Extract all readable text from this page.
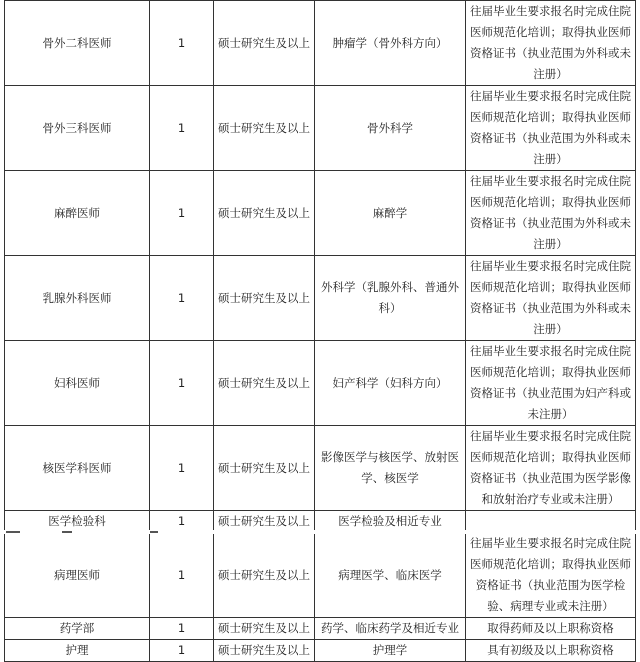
骨外二科医师	1	硕士研究生及以上	肿瘤学（骨外科方向）	往届毕业生要求报名时完成住院医师规范化培训；取得执业医师资格证书（执业范围为外科或未注册）
骨外三科医师	1	硕士研究生及以上	骨外科学	往届毕业生要求报名时完成住院医师规范化培训；取得执业医师资格证书（执业范围为外科或未注册）
麻醉医师	1	硕士研究生及以上	麻醉学	往届毕业生要求报名时完成住院医师规范化培训；取得执业医师资格证书（执业范围为外科或未注册）
乳腺外科医师	1	硕士研究生及以上	外科学（乳腺外科、普通外科）	往届毕业生要求报名时完成住院医师规范化培训；取得执业医师资格证书（执业范围为外科或未注册）
妇科医师	1	硕士研究生及以上	妇产科学（妇科方向）	往届毕业生要求报名时完成住院医师规范化培训；取得执业医师资格证书（执业范围为妇产科或未注册）
核医学科医师	1	硕士研究生及以上	影像医学与核医学、放射医学、核医学	往届毕业生要求报名时完成住院医师规范化培训；取得执业医师资格证书（执业范围为医学影像和放射治疗专业或未注册）
医学检验科	1	硕士研究生及以上	医学检验及相近专业	
病理医师	1	硕士研究生及以上	病理医学、临床医学	往届毕业生要求报名时完成住院医师规范化培训；取得执业医师资格证书（执业范围为医学检验、病理专业或未注册）
药学部	1	硕士研究生及以上	药学、临床药学及相近专业	取得药师及以上职称资格
护理	1	硕士研究生及以上	护理学	具有初级及以上职称资格
